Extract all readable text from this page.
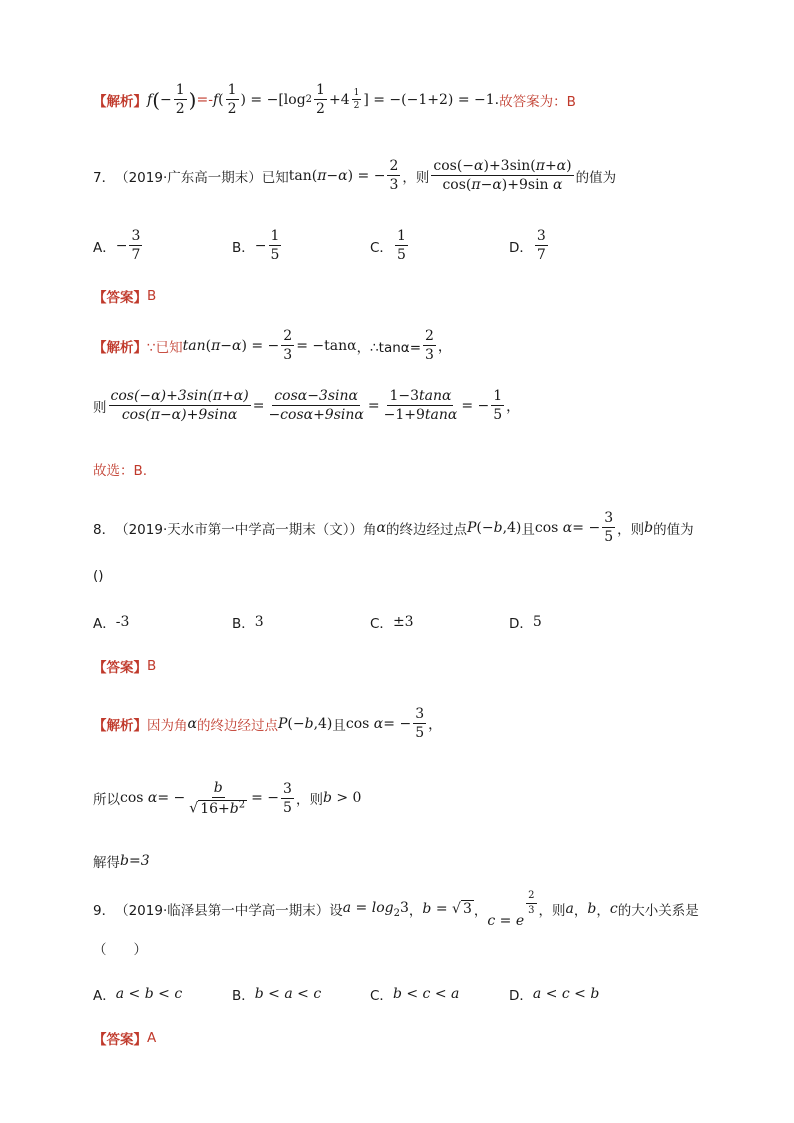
【解析】 f ( − $\frac{1}{2}$ ) =- f ( $\frac{1}{2}$ ) = −[log $2 \frac{1}{2} +4 \frac{1}{2}$ ] = −(−1+2) = −1. 故答案为：B
7． （2019·广东高一期末）已知 tan( π − α ) = − $\frac{2}{3}$ ，则 $\frac{\cos(-\alpha)+3\sin(\pi+\alpha)}{\text{cos(π−α)+9sin α}}$ 的值为
A． − $\frac{3}{7}$	B． − $\frac{1}{5}$	C． $\frac{1}{5}$	D． $\frac{3}{7}$
【答案】 B
【解析】 ∵已知 tan ( π − α ) = − $\frac{2}{3} = -\tan\alpha$ ，∴tanα= $\frac{2}{3}$ ，
则 $\frac{\cos(-\alpha)+3\sin(\pi+\alpha)}{\cos(\pi-\alpha)+9\sin\alpha} = \frac{\cos\alpha-3\sin\alpha}{-\cos\alpha+9\sin\alpha} = \frac{1-3\tan\alpha}{-1+9\tan\alpha}$ = − $\frac{1}{5}$ ，
故选：B.
8． （2019·天水市第一中学高一期末（文））角 α 的终边经过点 P(−b,4) 且 cos α = − $\frac{3}{5}$ ，则 b 的值为
()
A． -3	B． 3	C． ±3	D． 5
【答案】 B
【解析】 因为角 α 的终边经过点 P(−b,4) 且 cos α = − $\frac{3}{5}$ ，
所以 cos α = − $\frac{b}{√ 16+b^2}$ = − $\frac{3}{5}$ ，则 b > 0
解得 b=3
9． （2019·临泽县第一中学高一期末）设 $a = \log_23$ ， b = √ 3 ，
c = e
$^{\frac{2}{3}}$ ，则 a ， b ， c 的大小关系是
（　　）
A． a < b < c	B． b < a < c	C． b < c < a	D． a < c < b
【答案】 A
